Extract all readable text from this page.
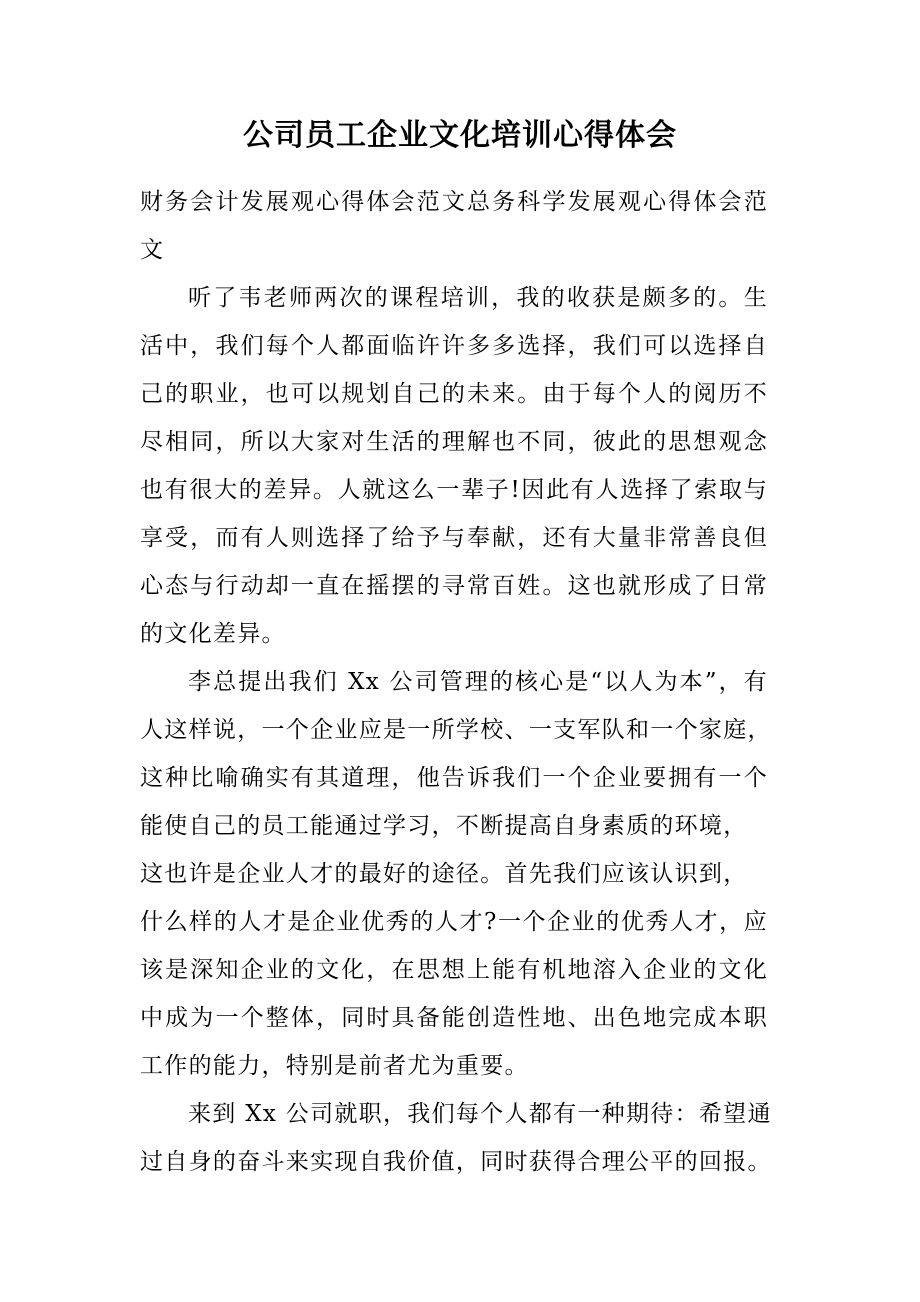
公司员工企业文化培训心得体会
财务会计发展观心得体会范文总务科学发展观心得体会范
文
听了韦老师两次的课程培训，我的收获是颇多的。生
活中，我们每个人都面临许许多多选择，我们可以选择自
己的职业，也可以规划自己的未来。由于每个人的阅历不
尽相同，所以大家对生活的理解也不同，彼此的思想观念
也有很大的差异。人就这么一辈子!因此有人选择了索取与
享受，而有人则选择了给予与奉献，还有大量非常善良但
心态与行动却一直在摇摆的寻常百姓。这也就形成了日常
的文化差异。
李总提出我们 Xx 公司管理的核心是“以人为本”，有
人这样说，一个企业应是一所学校、一支军队和一个家庭，
这种比喻确实有其道理，他告诉我们一个企业要拥有一个
能使自己的员工能通过学习，不断提高自身素质的环境，
这也许是企业人才的最好的途径。首先我们应该认识到，
什么样的人才是企业优秀的人才?一个企业的优秀人才，应
该是深知企业的文化，在思想上能有机地溶入企业的文化
中成为一个整体，同时具备能创造性地、出色地完成本职
工作的能力，特别是前者尤为重要。
来到 Xx 公司就职，我们每个人都有一种期待：希望通
过自身的奋斗来实现自我价值，同时获得合理公平的回报。
